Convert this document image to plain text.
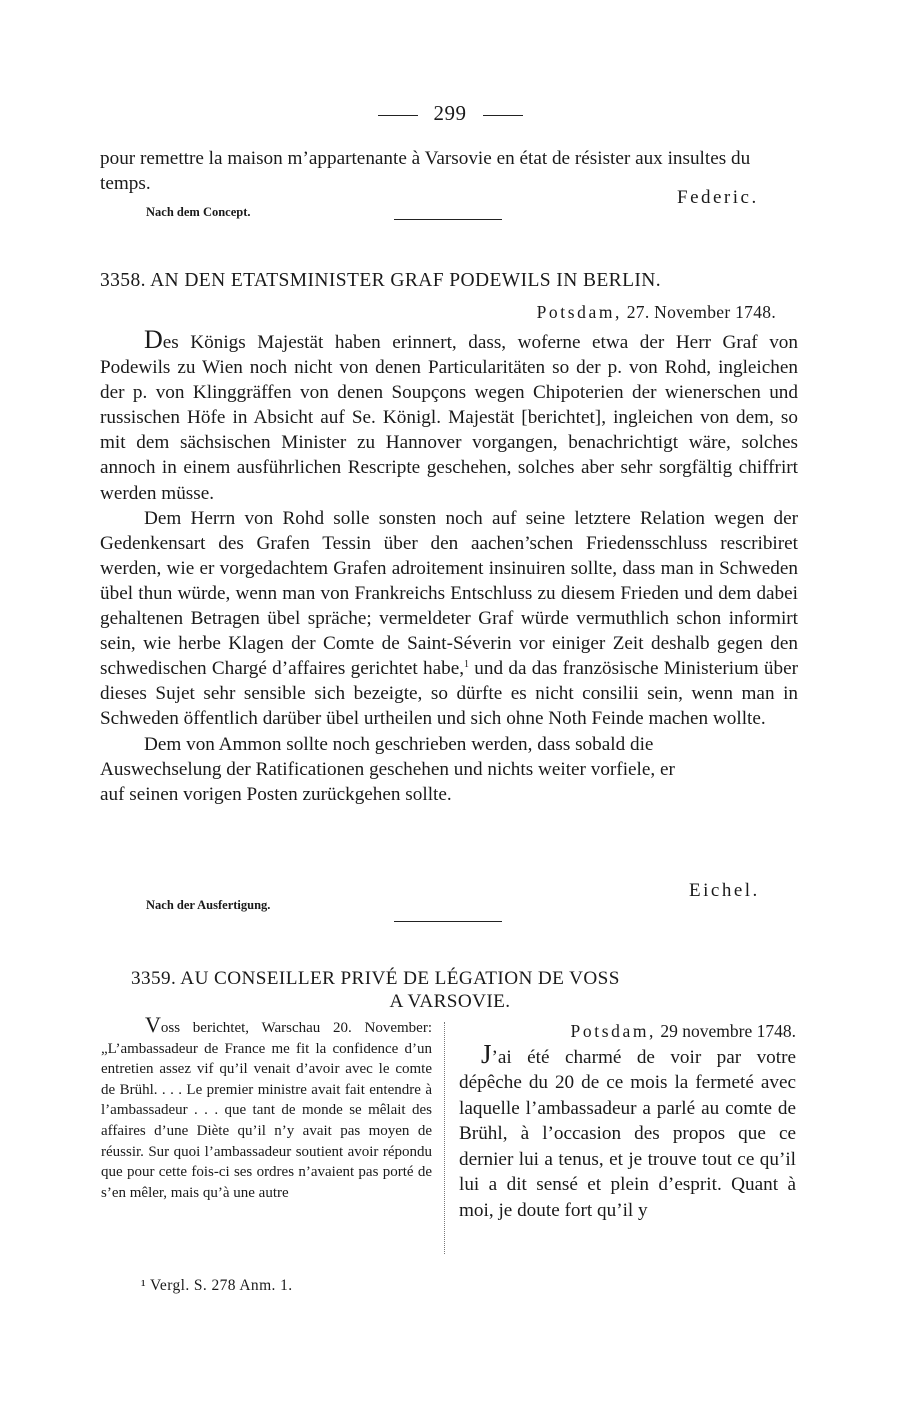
299

pour remettre la maison m’appartenante à Varsovie en état de résister aux insultes du temps.

Federic.
Nach dem Concept.
3358. AN DEN ETATSMINISTER GRAF PODEWILS IN BERLIN.
Potsdam, 27. November 1748.

Des Königs Majestät haben erinnert, dass, woferne etwa der Herr Graf von Podewils zu Wien noch nicht von denen Particularitäten so der p. von Rohd, ingleichen der p. von Klinggräffen von denen Soupçons wegen Chipoterien der wienerschen und russischen Höfe in Absicht auf Se. Königl. Majestät [berichtet], ingleichen von dem, so mit dem sächsischen Minister zu Hannover vorgangen, benachrichtigt wäre, solches annoch in einem ausführlichen Rescripte geschehen, solches aber sehr sorgfältig chiffrirt werden müsse.

Dem Herrn von Rohd solle sonsten noch auf seine letztere Relation wegen der Gedenkensart des Grafen Tessin über den aachen’schen Friedensschluss rescribiret werden, wie er vorgedachtem Grafen adroitement insinuiren sollte, dass man in Schweden übel thun würde, wenn man von Frankreichs Entschluss zu diesem Frieden und dem dabei gehaltenen Betragen übel spräche; vermeldeter Graf würde vermuthlich schon informirt sein, wie herbe Klagen der Comte de Saint-Séverin vor einiger Zeit deshalb gegen den schwedischen Chargé d’affaires gerichtet habe,$^1$ und da das französische Ministerium über dieses Sujet sehr sensible sich bezeigte, so dürfte es nicht consilii sein, wenn man in Schweden öffentlich darüber übel urtheilen und sich ohne Noth Feinde machen wollte.

Dem von Ammon sollte noch geschrieben werden, dass sobald die Auswechselung der Ratificationen geschehen und nichts weiter vorfiele, er auf seinen vorigen Posten zurückgehen sollte.

Eichel.
Nach der Ausfertigung.
3359. AU CONSEILLER PRIVÉ DE LÉGATION DE VOSS
A VARSOVIE.

Voss berichtet, Warschau 20. November: „L’ambassadeur de France me fit la confidence d’un entretien assez vif qu’il venait d’avoir avec le comte de Brühl. . . . Le premier ministre avait fait entendre à l’ambassadeur . . . que tant de monde se mêlait des affaires d’une Diète qu’il n’y avait pas moyen de réussir. Sur quoi l’ambassadeur soutient avoir répondu que pour cette fois-ci ses ordres n’avaient pas porté de s’en mêler, mais qu’à une autre

Potsdam, 29 novembre 1748.

J’ai été charmé de voir par votre dépêche du 20 de ce mois la fermeté avec laquelle l’ambassadeur a parlé au comte de Brühl, à l’occasion des propos que ce dernier lui a tenus, et je trouve tout ce qu’il lui a dit sensé et plein d’esprit. Quant à moi, je doute fort qu’il y

¹ Vergl. S. 278 Anm. 1.
